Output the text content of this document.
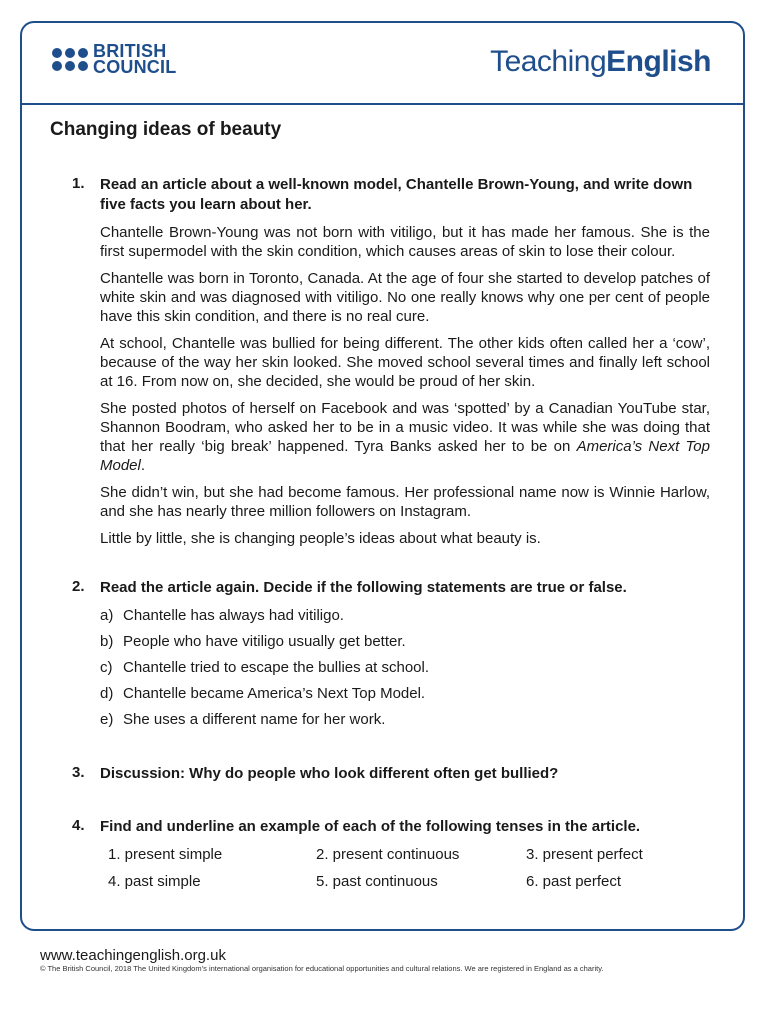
BRITISH
COUNCIL	TeachingEnglish
Changing ideas of beauty
1. Read an article about a well-known model, Chantelle Brown-Young, and write down five facts you learn about her.

Chantelle Brown-Young was not born with vitiligo, but it has made her famous. She is the first supermodel with the skin condition, which causes areas of skin to lose their colour.

Chantelle was born in Toronto, Canada. At the age of four she started to develop patches of white skin and was diagnosed with vitiligo. No one really knows why one per cent of people have this skin condition, and there is no real cure.

At school, Chantelle was bullied for being different. The other kids often called her a ‘cow’, because of the way her skin looked. She moved school several times and finally left school at 16. From now on, she decided, she would be proud of her skin.

She posted photos of herself on Facebook and was ‘spotted’ by a Canadian YouTube star, Shannon Boodram, who asked her to be in a music video. It was while she was doing that that her really ‘big break’ happened. Tyra Banks asked her to be on America’s Next Top Model.

She didn’t win, but she had become famous. Her professional name now is Winnie Harlow, and she has nearly three million followers on Instagram.

Little by little, she is changing people’s ideas about what beauty is.

2. Read the article again. Decide if the following statements are true or false.
a) Chantelle has always had vitiligo.
b) People who have vitiligo usually get better.
c) Chantelle tried to escape the bullies at school.
d) Chantelle became America’s Next Top Model.
e) She uses a different name for her work.
3. Discussion: Why do people who look different often get bullied?
4. Find and underline an example of each of the following tenses in the article.
1. present simple	2. present continuous	3. present perfect
4. past simple	5. past continuous	6. past perfect
www.teachingenglish.org.uk
© The British Council, 2018 The United Kingdom’s international organisation for educational opportunities and cultural relations. We are registered in England as a charity.
